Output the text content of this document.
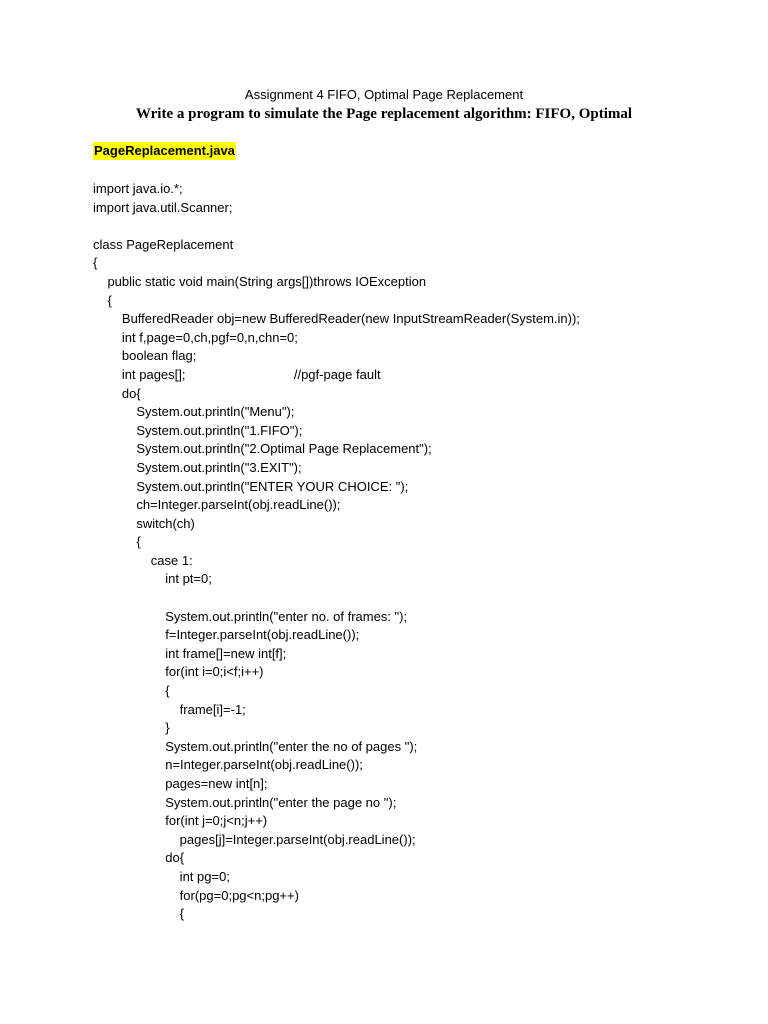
Assignment 4 FIFO, Optimal Page Replacement
Write a program to simulate the Page replacement algorithm: FIFO, Optimal
PageReplacement.java
import java.io.*;
import java.util.Scanner;
class PageReplacement
{
public static void main(String args[])throws IOException
{
BufferedReader obj=new BufferedReader(new InputStreamReader(System.in));
int f,page=0,ch,pgf=0,n,chn=0;
boolean flag;
int pages[];                              //pgf-page fault
do{
System.out.println("Menu");
System.out.println("1.FIFO");
System.out.println("2.Optimal Page Replacement");
System.out.println("3.EXIT");
System.out.println("ENTER YOUR CHOICE: ");
ch=Integer.parseInt(obj.readLine());
switch(ch)
{
case 1:
int pt=0;
System.out.println("enter no. of frames: ");
f=Integer.parseInt(obj.readLine());
int frame[]=new int[f];
for(int i=0;i<f;i++)
{
frame[i]=-1;
}
System.out.println("enter the no of pages ");
n=Integer.parseInt(obj.readLine());
pages=new int[n];
System.out.println("enter the page no ");
for(int j=0;j<n;j++)
pages[j]=Integer.parseInt(obj.readLine());
do{
int pg=0;
for(pg=0;pg<n;pg++)
{
